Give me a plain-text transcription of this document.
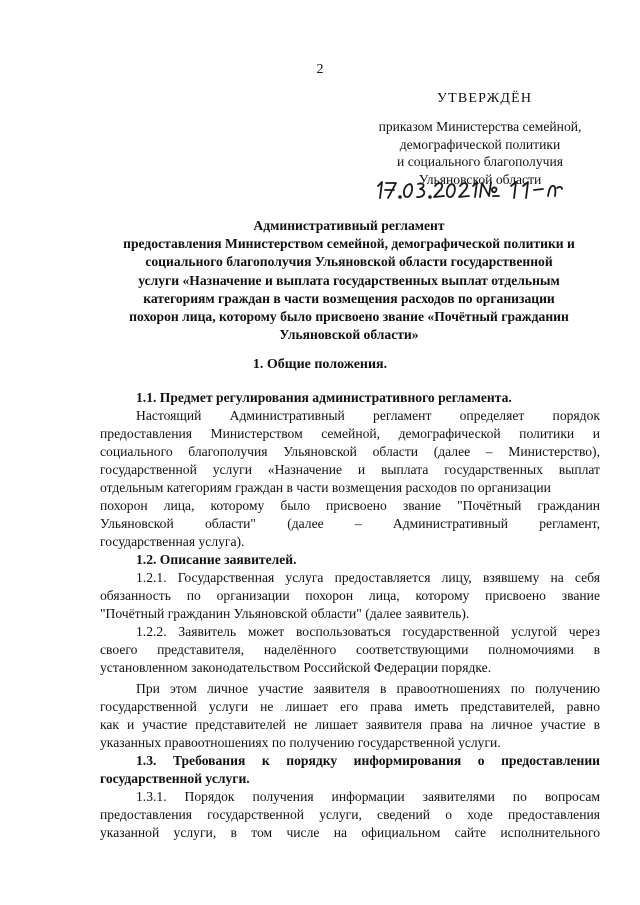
2
УТВЕРЖДЁН
приказом Министерства семейной,
демографической политики
и социального благополучия
Ульяновской области
Административный регламент
предоставления Министерством семейной, демографической политики и
социального благополучия Ульяновской области государственной
услуги «Назначение и выплата государственных выплат отдельным
категориям граждан в части возмещения расходов по организации
похорон лица, которому было присвоено звание «Почётный гражданин
Ульяновской области»
1. Общие положения.
1.1. Предмет регулирования административного регламента.
Настоящий Административный регламент определяет порядок
предоставления Министерством семейной, демографической политики и
социального благополучия Ульяновской области (далее – Министерство),
государственной услуги «Назначение и выплата государственных выплат
отдельным категориям граждан в части возмещения расходов по организации
похорон лица, которому было присвоено звание "Почётный гражданин
Ульяновской области" (далее – Административный регламент,
государственная услуга).
1.2. Описание заявителей.
1.2.1. Государственная услуга предоставляется лицу, взявшему на себя
обязанность по организации похорон лица, которому присвоено звание
"Почётный гражданин Ульяновской области" (далее заявитель).
1.2.2. Заявитель может воспользоваться государственной услугой через
своего представителя, наделённого соответствующими полномочиями в
установленном законодательством Российской Федерации порядке.
При этом личное участие заявителя в правоотношениях по получению
государственной услуги не лишает его права иметь представителей, равно
как и участие представителей не лишает заявителя права на личное участие в
указанных правоотношениях по получению государственной услуги.
1.3. Требования к порядку информирования о предоставлении
государственной услуги.
1.3.1. Порядок получения информации заявителями по вопросам
предоставления государственной услуги, сведений о ходе предоставления
указанной услуги, в том числе на официальном сайте исполнительного
